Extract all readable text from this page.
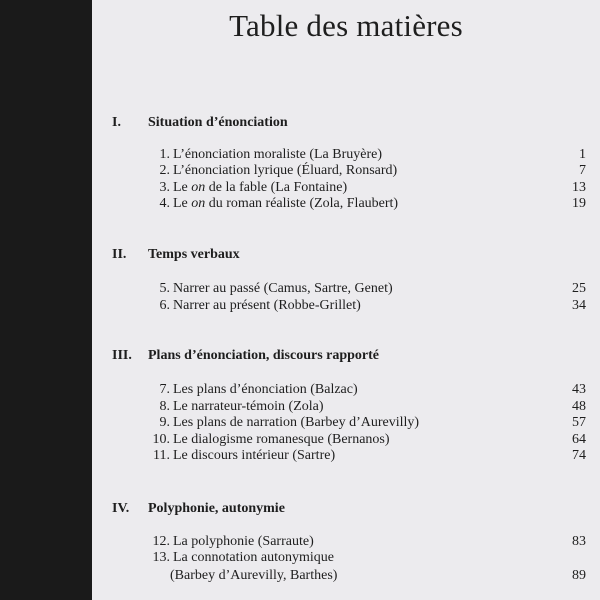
Table des matières
I. Situation d’énonciation
1. L’énonciation moraliste (La Bruyère)	1
2. L’énonciation lyrique (Éluard, Ronsard)	7
3. Le on de la fable (La Fontaine)	13
4. Le on du roman réaliste (Zola, Flaubert)	19
II. Temps verbaux
5. Narrer au passé (Camus, Sartre, Genet)	25
6. Narrer au présent (Robbe-Grillet)	34
III. Plans d’énonciation, discours rapporté
7. Les plans d’énonciation (Balzac)	43
8. Le narrateur-témoin (Zola)	48
9. Les plans de narration (Barbey d’Aurevilly)	57
10. Le dialogisme romanesque (Bernanos)	64
11. Le discours intérieur (Sartre)	74
IV. Polyphonie, autonymie
12. La polyphonie (Sarraute)	83
13. La connotation autonymique
(Barbey d’Aurevilly, Barthes)	89
